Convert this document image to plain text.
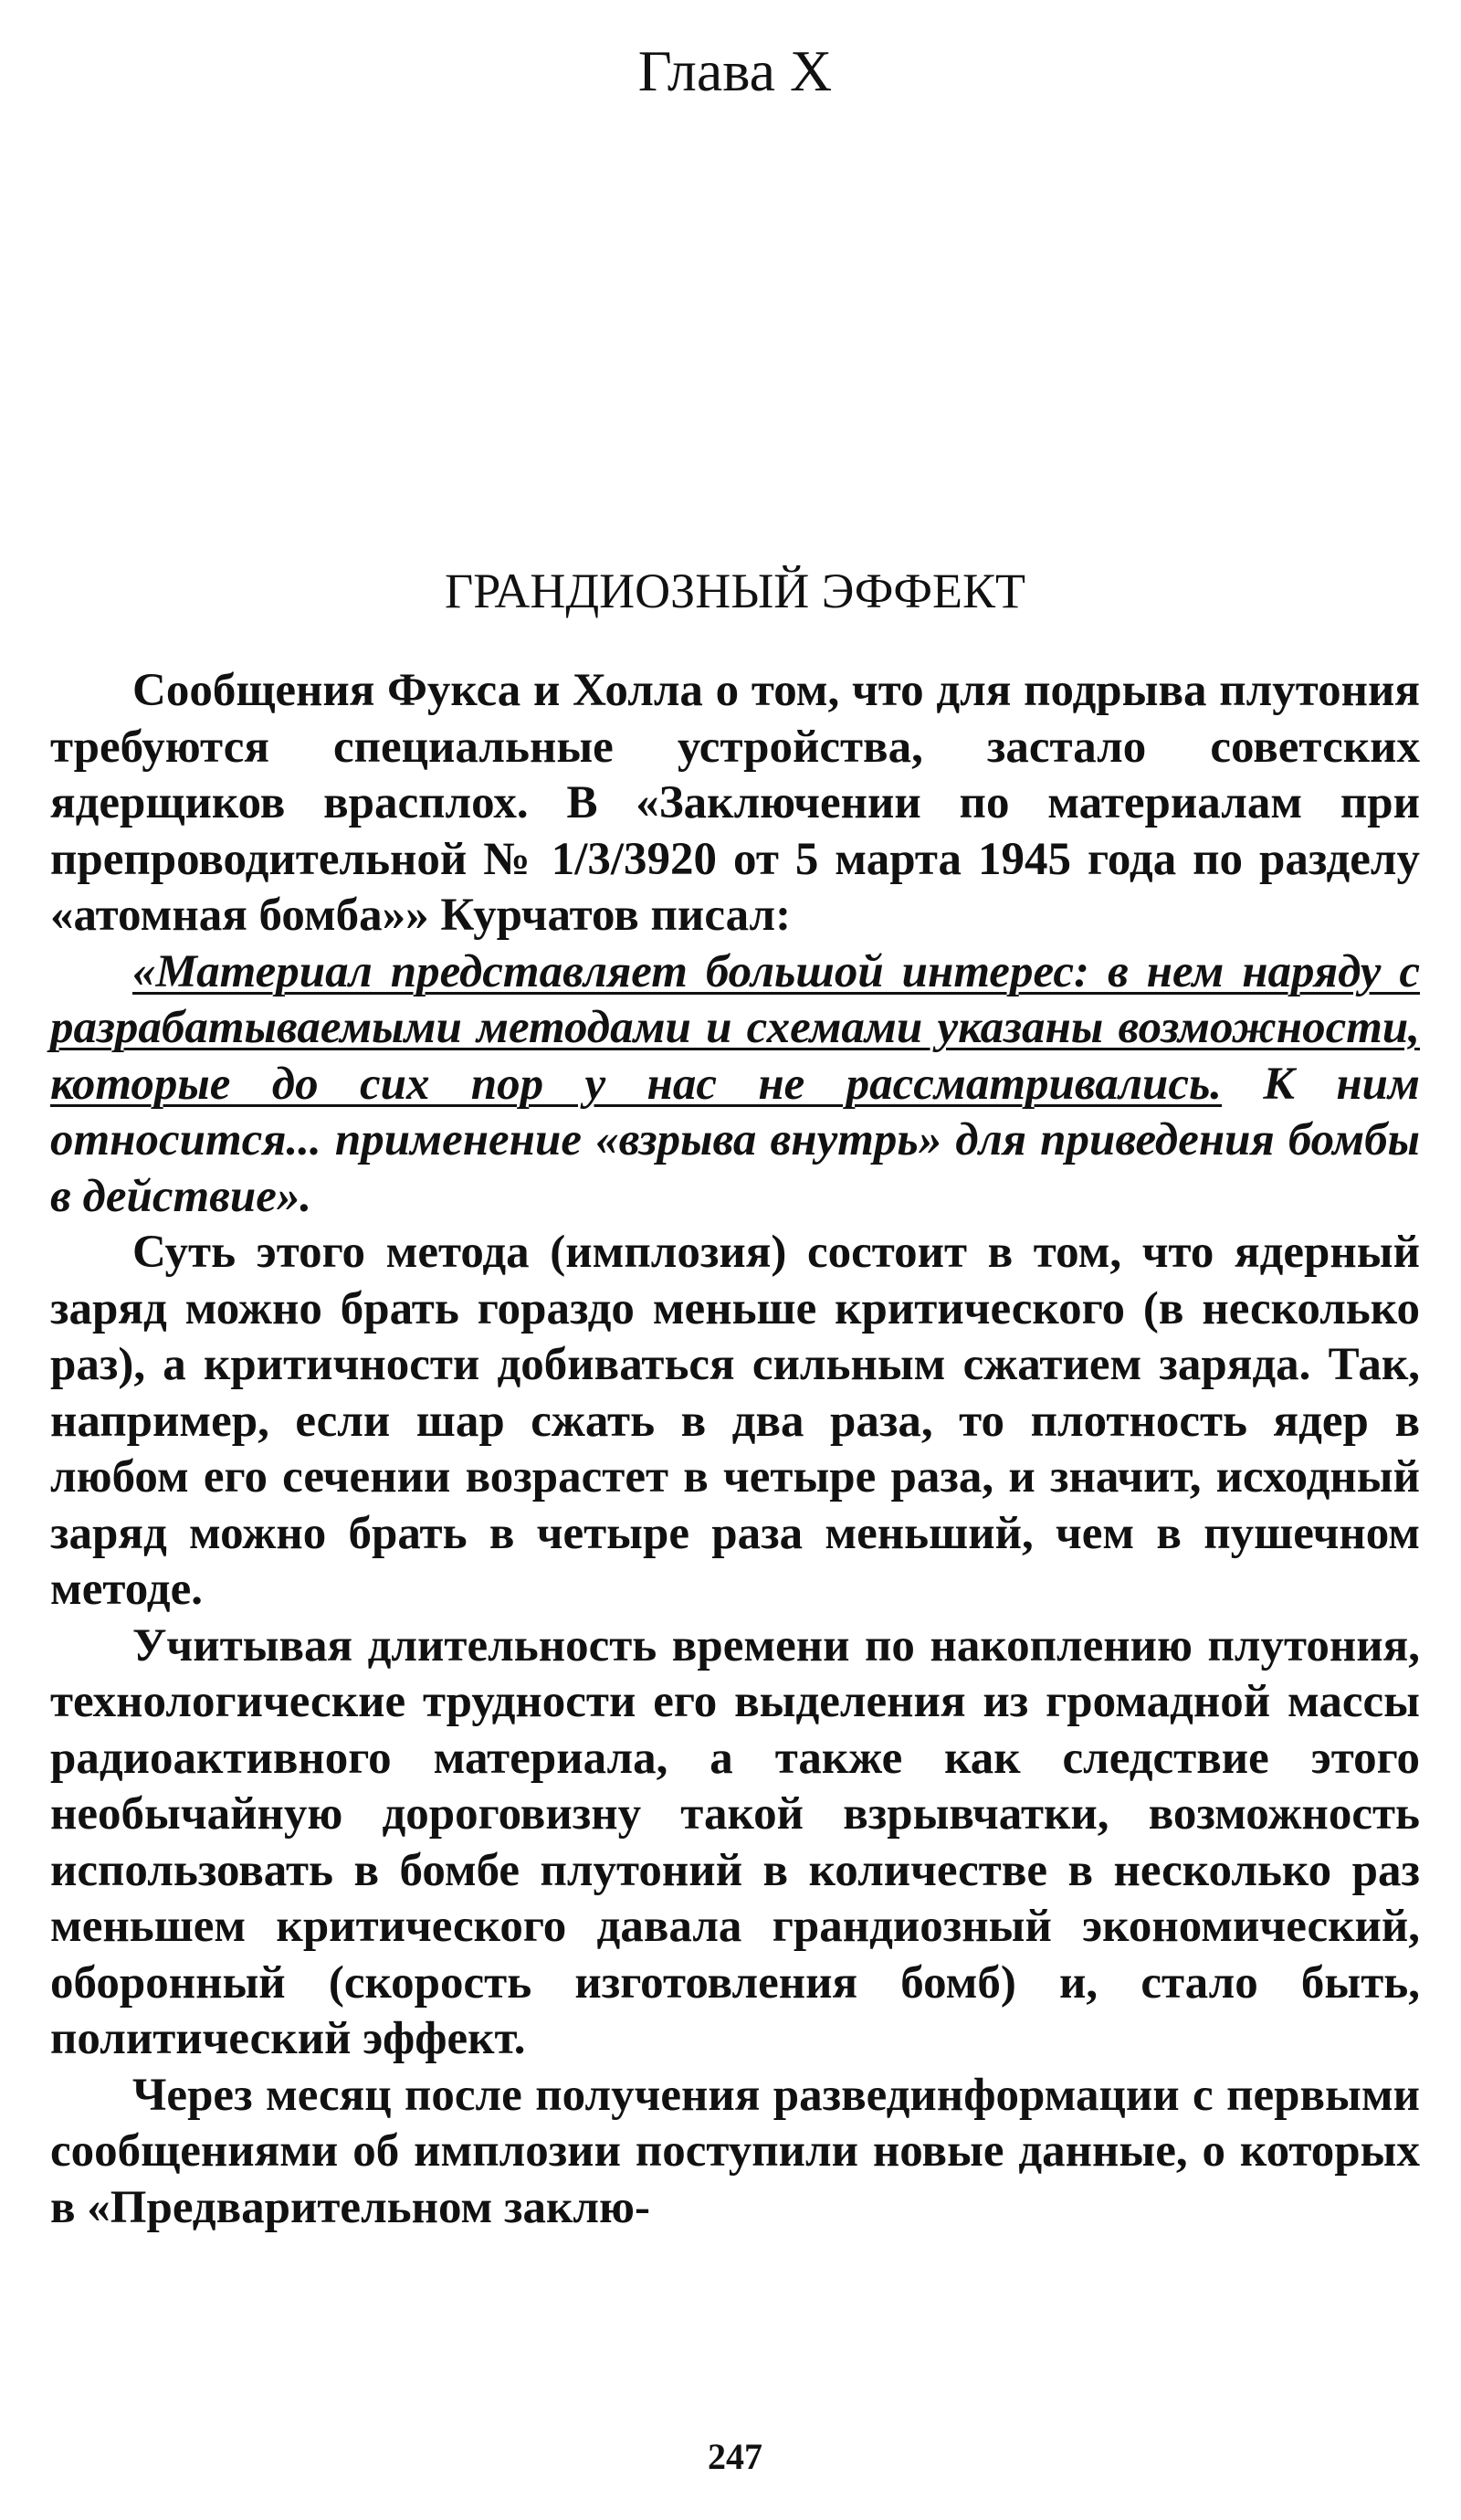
Глава X
ГРАНДИОЗНЫЙ ЭФФЕКТ

Сообщения Фукса и Холла о том, что для подрыва плутония требуются специальные устройства, застало советских ядерщиков врасплох. В «Заключении по материалам при препроводительной № 1/3/3920 от 5 марта 1945 года по разделу «атомная бомба»» Курчатов писал:

«Материал представляет большой интерес: в нем наряду с разрабатываемыми методами и схемами указаны возможности, которые до сих пор у нас не рассматривались. К ним относится... применение «взрыва внутрь» для приведения бомбы в действие».

Суть этого метода (имплозия) состоит в том, что ядерный заряд можно брать гораздо меньше критического (в несколько раз), а критичности добиваться сильным сжатием заряда. Так, например, если шар сжать в два раза, то плотность ядер в любом его сечении возрастет в четыре раза, и значит, исходный заряд можно брать в четыре раза меньший, чем в пушечном методе.

Учитывая длительность времени по накоплению плутония, технологические трудности его выделения из громадной массы радиоактивного материала, а также как следствие этого необычайную дороговизну такой взрывчатки, возможность использовать в бомбе плутоний в количестве в несколько раз меньшем критического давала грандиозный экономический, оборонный (скорость изготовления бомб) и, стало быть, политический эффект.

Через месяц после получения развединформации с первыми сообщениями об имплозии поступили новые данные, о которых в «Предварительном заклю-

247
